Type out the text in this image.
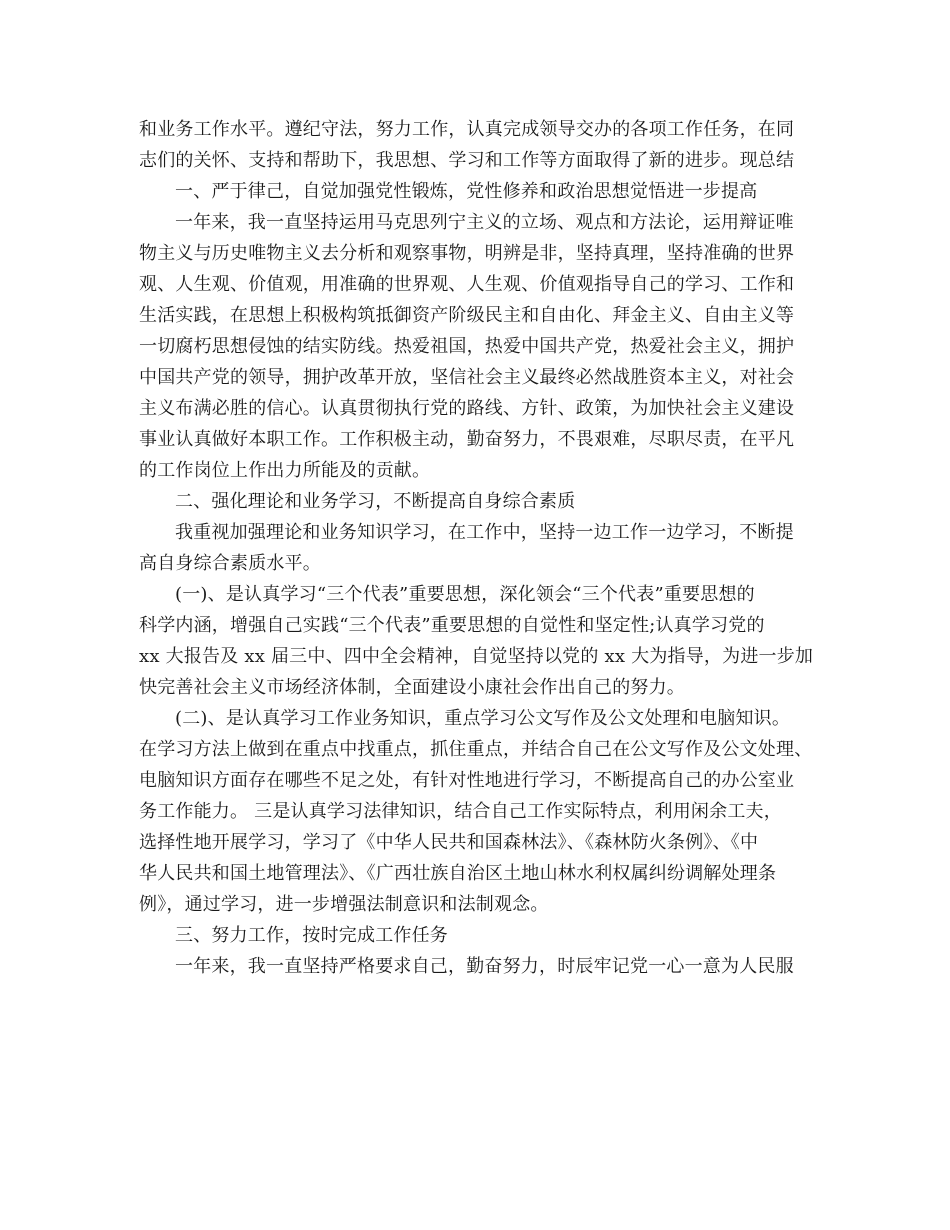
和业务工作水平。遵纪守法，努力工作，认真完成领导交办的各项工作任务，在同
志们的关怀、支持和帮助下，我思想、学习和工作等方面取得了新的进步。现总结
一、严于律己，自觉加强党性锻炼，党性修养和政治思想觉悟进一步提高
一年来，我一直坚持运用马克思列宁主义的立场、观点和方法论，运用辩证唯
物主义与历史唯物主义去分析和观察事物，明辨是非，坚持真理，坚持准确的世界
观、人生观、价值观，用准确的世界观、人生观、价值观指导自己的学习、工作和
生活实践，在思想上积极构筑抵御资产阶级民主和自由化、拜金主义、自由主义等
一切腐朽思想侵蚀的结实防线。热爱祖国，热爱中国共产党，热爱社会主义，拥护
中国共产党的领导，拥护改革开放，坚信社会主义最终必然战胜资本主义，对社会
主义布满必胜的信心。认真贯彻执行党的路线、方针、政策，为加快社会主义建设
事业认真做好本职工作。工作积极主动，勤奋努力，不畏艰难，尽职尽责，在平凡
的工作岗位上作出力所能及的贡献。
二、强化理论和业务学习，不断提高自身综合素质
我重视加强理论和业务知识学习，在工作中，坚持一边工作一边学习，不断提
高自身综合素质水平。
(一)、是认真学习“三个代表”重要思想，深化领会“三个代表”重要思想的
科学内涵，增强自己实践“三个代表”重要思想的自觉性和坚定性;认真学习党的
xx 大报告及 xx 届三中、四中全会精神，自觉坚持以党的 xx 大为指导，为进一步加
快完善社会主义市场经济体制，全面建设小康社会作出自己的努力。
(二)、是认真学习工作业务知识，重点学习公文写作及公文处理和电脑知识。
在学习方法上做到在重点中找重点，抓住重点，并结合自己在公文写作及公文处理、
电脑知识方面存在哪些不足之处，有针对性地进行学习，不断提高自己的办公室业
务工作能力。 三是认真学习法律知识，结合自己工作实际特点，利用闲余工夫，
选择性地开展学习，学习了《中华人民共和国森林法》、《森林防火条例》、《中
华人民共和国土地管理法》、《广西壮族自治区土地山林水利权属纠纷调解处理条
例》，通过学习，进一步增强法制意识和法制观念。
三、努力工作，按时完成工作任务
一年来，我一直坚持严格要求自己，勤奋努力，时辰牢记党一心一意为人民服
